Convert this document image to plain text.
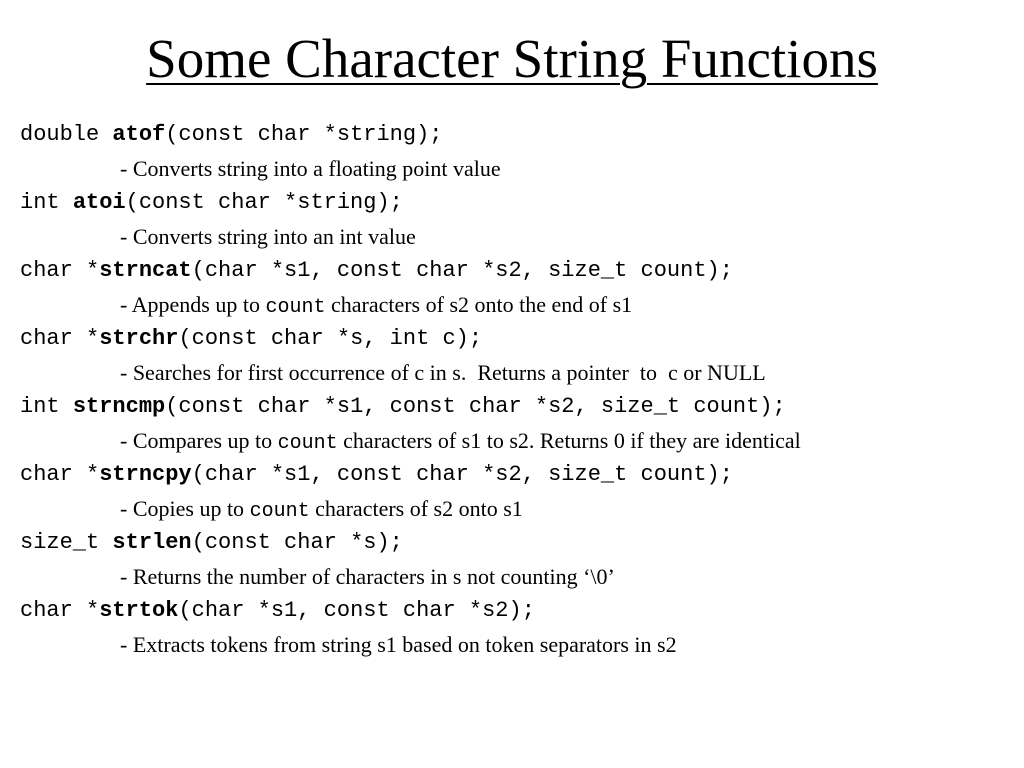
Some Character String Functions
double atof(const char *string);
- Converts string into a floating point value
int atoi(const char *string);
- Converts string into an int value
char *strncat(char *s1, const char *s2, size_t count);
- Appends up to count characters of s2 onto the end of s1
char *strchr(const char *s, int c);
- Searches for first occurrence of c in s.  Returns a pointer  to  c or NULL
int strncmp(const char *s1, const char *s2, size_t count);
- Compares up to count characters of s1 to s2. Returns 0 if they are identical
char *strncpy(char *s1, const char *s2, size_t count);
- Copies up to count characters of s2 onto s1
size_t strlen(const char *s);
- Returns the number of characters in s not counting ‘\0’
char *strtok(char *s1, const char *s2);
- Extracts tokens from string s1 based on token separators in s2
